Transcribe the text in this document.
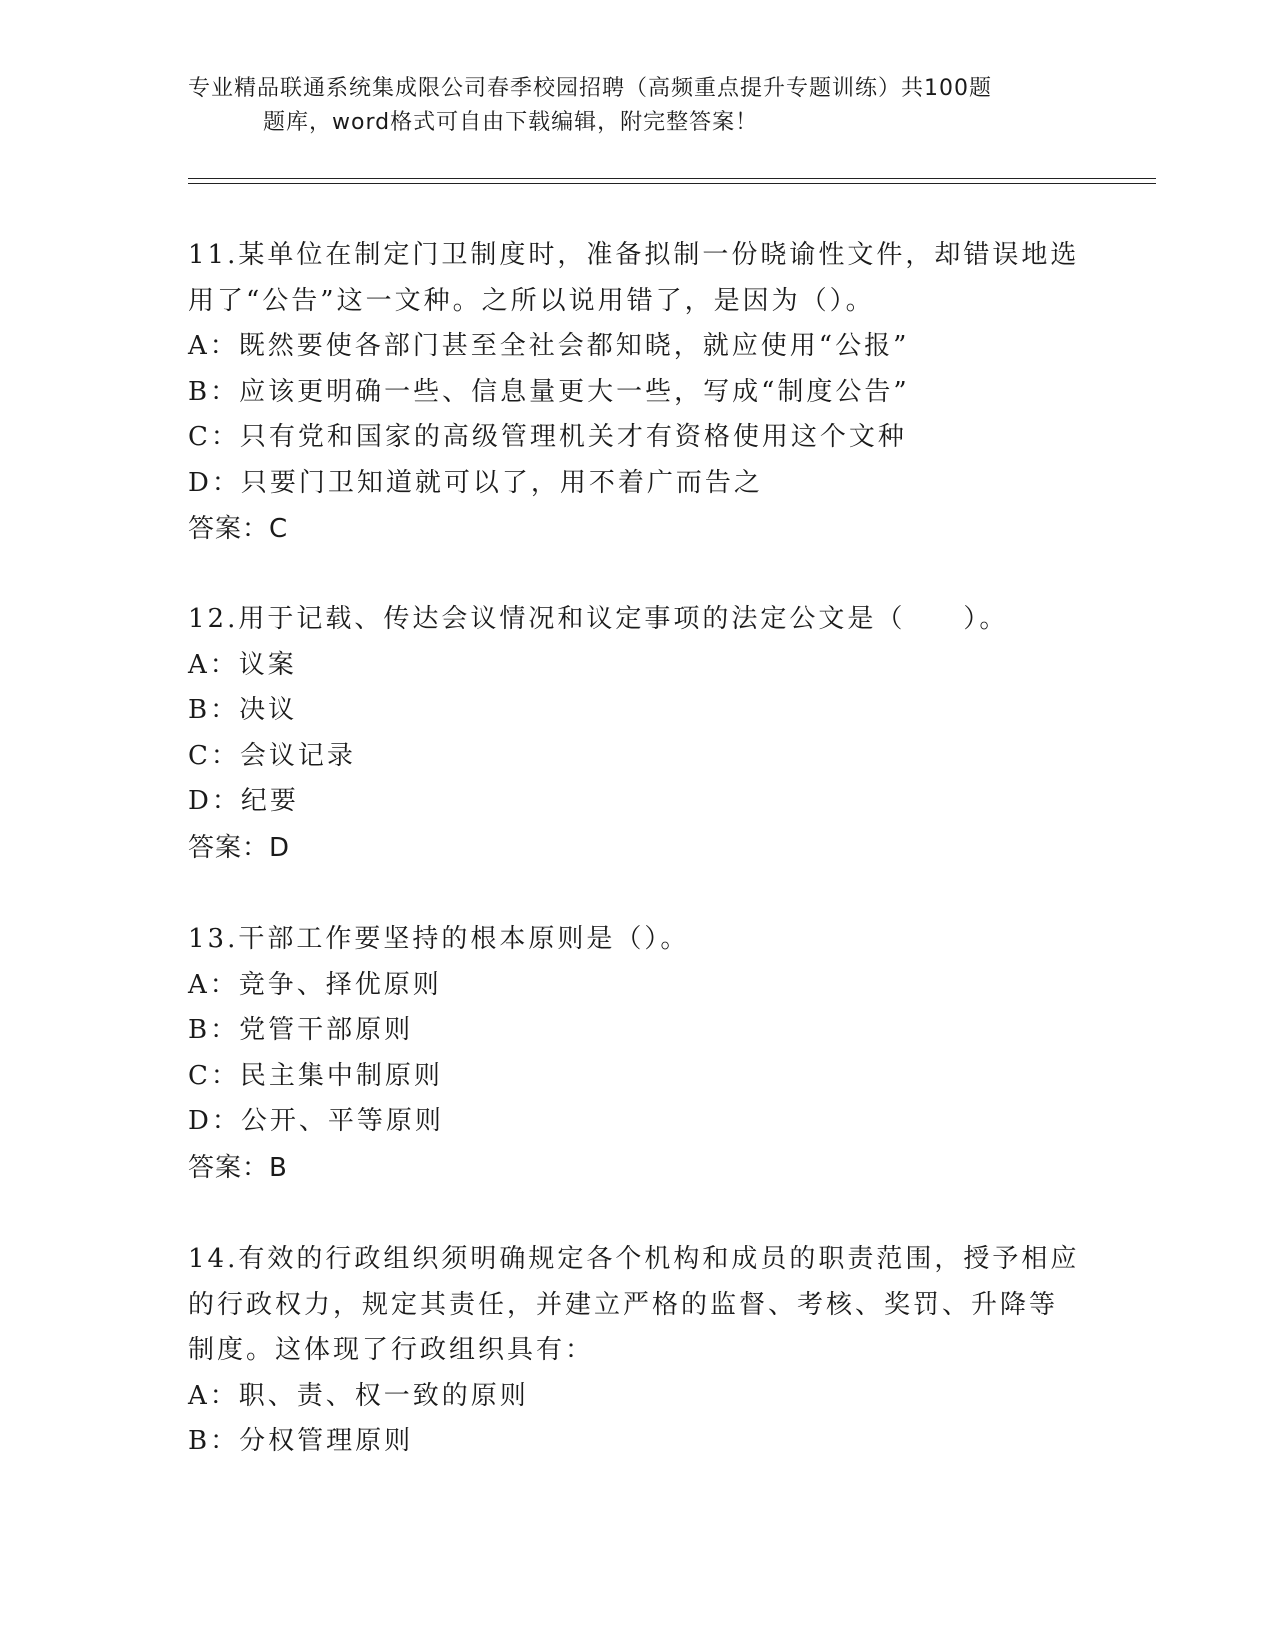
专业精品联通系统集成限公司春季校园招聘（高频重点提升专题训练）共100题
题库，word格式可自由下载编辑，附完整答案！
11.某单位在制定门卫制度时，准备拟制一份晓谕性文件，却错误地选
用了“公告”这一文种。之所以说用错了，是因为（）。
A：既然要使各部门甚至全社会都知晓，就应使用“公报”
B：应该更明确一些、信息量更大一些，写成“制度公告”
C：只有党和国家的高级管理机关才有资格使用这个文种
D：只要门卫知道就可以了，用不着广而告之
答案：C
12.用于记载、传达会议情况和议定事项的法定公文是（　　）。
A：议案
B：决议
C：会议记录
D：纪要
答案：D
13.干部工作要坚持的根本原则是（）。
A：竞争、择优原则
B：党管干部原则
C：民主集中制原则
D：公开、平等原则
答案：B
14.有效的行政组织须明确规定各个机构和成员的职责范围，授予相应
的行政权力，规定其责任，并建立严格的监督、考核、奖罚、升降等
制度。这体现了行政组织具有：
A：职、责、权一致的原则
B：分权管理原则
